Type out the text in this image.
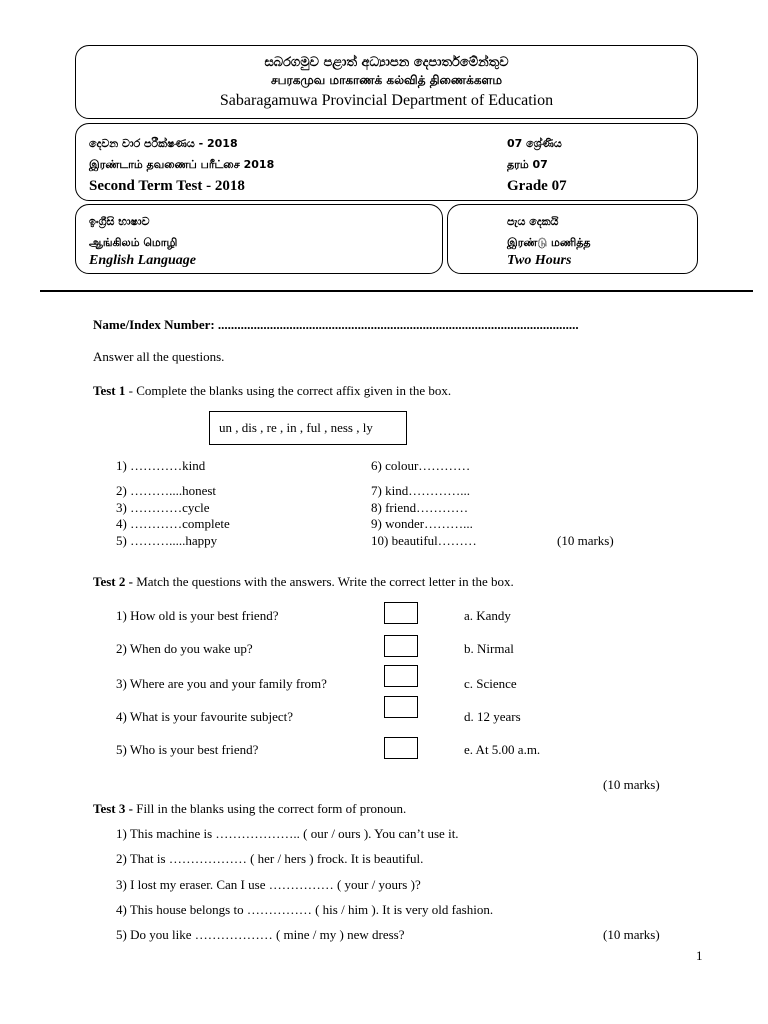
සබරගමුව පළාත් අධ්‍යාපන දෙපාර්තමේන්තුව
சபரகமுவ மாகாணக் கல்வித் திணைக்களம
Sabaragamuwa Provincial Department of Education
දෙවන වාර පරීක්ෂණය - 2018
இரண்டாம் தவணைப் பரீட்சை 2018
Second Term Test - 2018
07 ශ්‍රේණිය
தரம் 07
Grade 07
ඉංග්‍රීසි භාෂාව
ஆங்கிலம் மொழி
English Language
පැය දෙකයි
இரண்டு மணித்த
Two Hours
Name/Index Number: ...............................................................................................................
Answer all the questions.
Test 1 - Complete the blanks using the correct affix given in the box.
un , dis , re , in , ful , ness , ly
1) …………kind
2) ………....honest
3) …………cycle
4) …………complete
5) ……….....happy
6) colour…………
7) kind…………...
8) friend…………
9) wonder………...
10) beautiful………	(10 marks)
Test 2 - Match the questions with the answers. Write the correct letter in the box.
1) How old is your best friend?
2) When do you wake up?
3) Where are you and your family from?
4) What is your favourite subject?
5) Who is your best friend?
a. Kandy
b. Nirmal
c. Science
d. 12 years
e. At 5.00 a.m.
(10 marks)
Test 3 - Fill in the blanks using the correct form of pronoun.
1) This machine is ……………….. ( our / ours ). You can’t use it.
2) That is ……………… ( her / hers ) frock. It is beautiful.
3) I lost my eraser. Can I use …………… ( your / yours )?
4) This house belongs to …………… ( his / him ). It is very old fashion.
5) Do you like ……………… ( mine / my ) new dress?	(10 marks)
1
